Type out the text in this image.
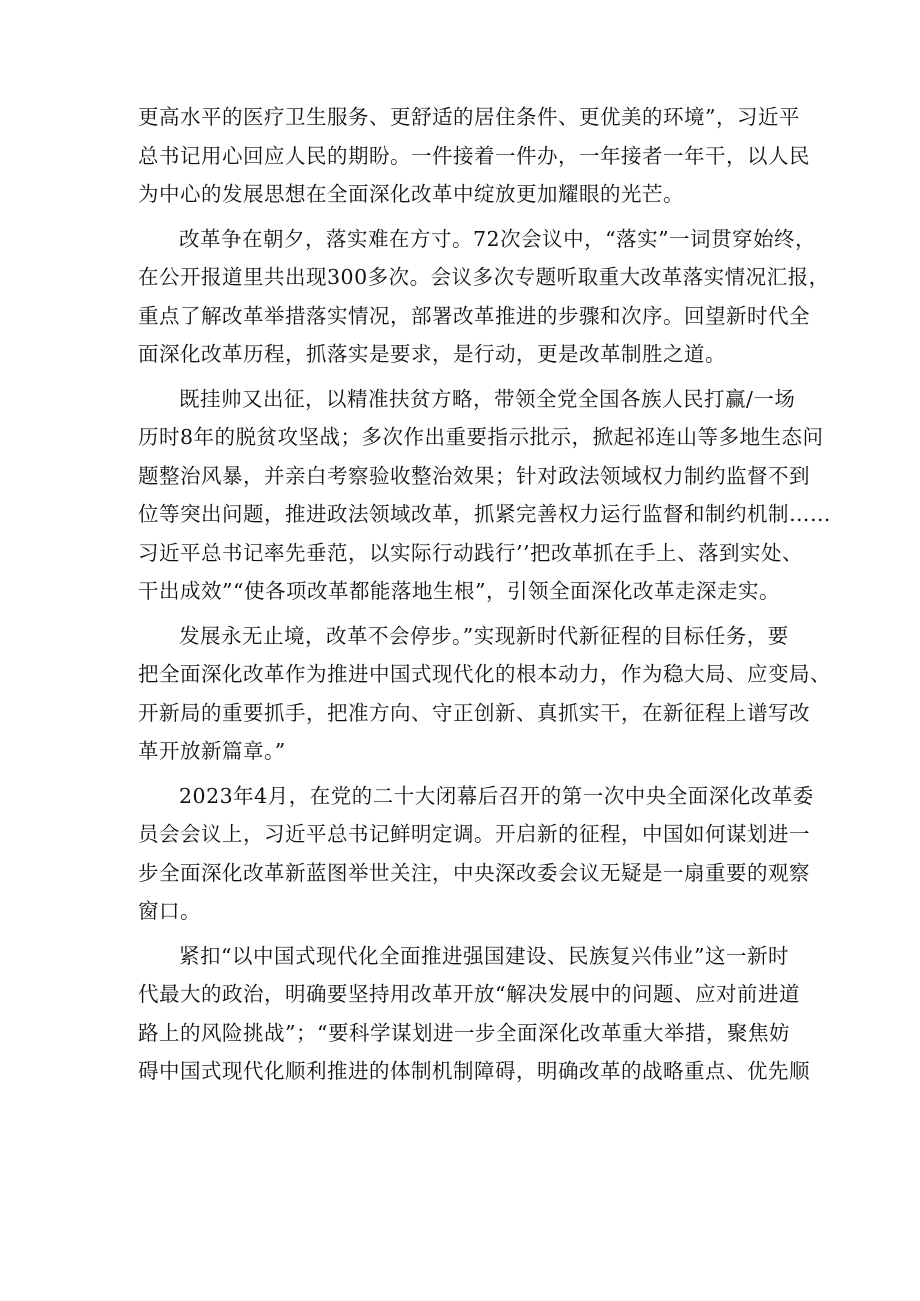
更高水平的医疗卫生服务、更舒适的居住条件、更优美的环境”，习近平
总书记用心回应人民的期盼。一件接着一件办，一年接者一年干，以人民
为中心的发展思想在全面深化改革中绽放更加耀眼的光芒。
改革争在朝夕，落实难在方寸。72次会议中，“落实”一词贯穿始终，
在公开报道里共出现300多次。会议多次专题听取重大改革落实情况汇报，
重点了解改革举措落实情况，部署改革推进的步骤和次序。回望新时代全
面深化改革历程，抓落实是要求，是行动，更是改革制胜之道。
既挂帅又出征，以精准扶贫方略，带领全党全国各族人民打赢/一场
历时8年的脱贫攻坚战；多次作出重要指示批示，掀起祁连山等多地生态问
题整治风暴，并亲白考察验收整治效果；针对政法领域权力制约监督不到
位等突出问题，推进政法领域改革，抓紧完善权力运行监督和制约机制……
习近平总书记率先垂范，以实际行动践行’’把改革抓在手上、落到实处、
干出成效”“使各项改革都能落地生根”，引领全面深化改革走深走实。
发展永无止境，改革不会停步。”实现新时代新征程的目标任务，要
把全面深化改革作为推进中国式现代化的根本动力，作为稳大局、应变局、
开新局的重要抓手，把准方向、守正创新、真抓实干，在新征程上谱写改
革开放新篇章。”
2023年4月，在党的二十大闭幕后召开的第一次中央全面深化改革委
员会会议上，习近平总书记鲜明定调。开启新的征程，中国如何谋划进一
步全面深化改革新蓝图举世关注，中央深改委会议无疑是一扇重要的观察
窗口。
紧扣“以中国式现代化全面推进强国建设、民族复兴伟业”这一新时
代最大的政治，明确要坚持用改革开放“解决发展中的问题、应对前进道
路上的风险挑战”；“要科学谋划进一步全面深化改革重大举措，聚焦妨
碍中国式现代化顺利推进的体制机制障碍，明确改革的战略重点、优先顺
